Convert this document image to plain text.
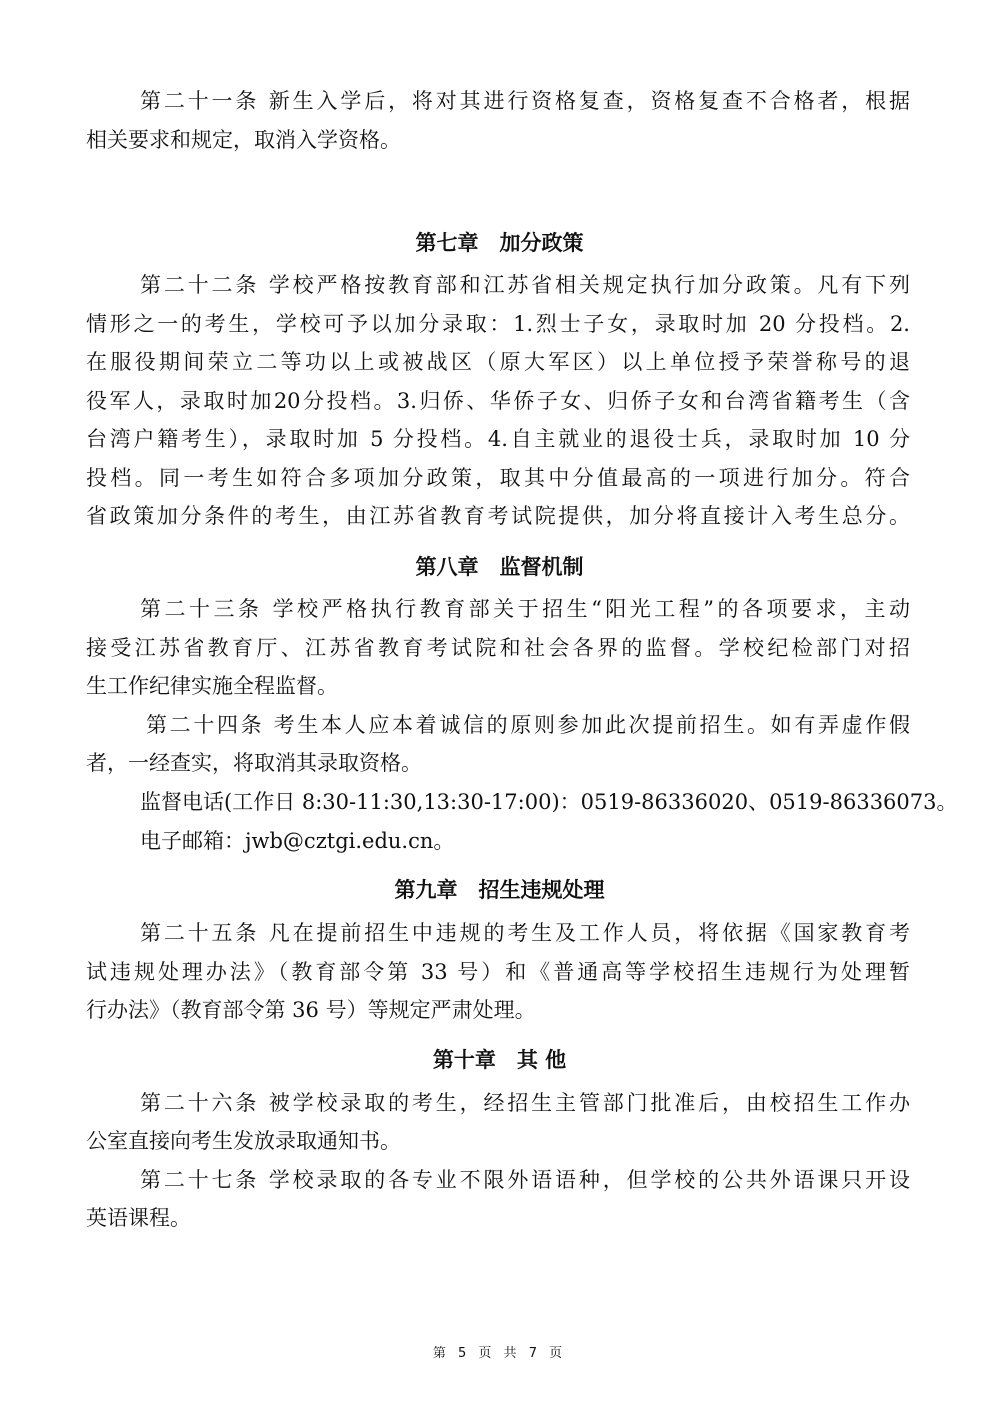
第二十一条 新生入学后，将对其进行资格复查，资格复查不合格者，根据
相关要求和规定，取消入学资格。
第七章　加分政策
第二十二条 学校严格按教育部和江苏省相关规定执行加分政策。凡有下列
情形之一的考生，学校可予以加分录取：1.烈士子女，录取时加 20 分投档。2.
在服役期间荣立二等功以上或被战区（原大军区）以上单位授予荣誉称号的退
役军人，录取时加20分投档。3.归侨、华侨子女、归侨子女和台湾省籍考生（含
台湾户籍考生），录取时加 5 分投档。4.自主就业的退役士兵，录取时加 10 分
投档。同一考生如符合多项加分政策，取其中分值最高的一项进行加分。符合
省政策加分条件的考生，由江苏省教育考试院提供，加分将直接计入考生总分。
第八章　监督机制
第二十三条 学校严格执行教育部关于招生“阳光工程”的各项要求，主动
接受江苏省教育厅、江苏省教育考试院和社会各界的监督。学校纪检部门对招
生工作纪律实施全程监督。
第二十四条 考生本人应本着诚信的原则参加此次提前招生。如有弄虚作假
者，一经查实，将取消其录取资格。
监督电话(工作日 8:30-11:30,13:30-17:00)：0519-86336020、0519-86336073。
电子邮箱：jwb@cztgi.edu.cn。
第九章　招生违规处理
第二十五条 凡在提前招生中违规的考生及工作人员，将依据《国家教育考
试违规处理办法》（教育部令第 33 号）和《普通高等学校招生违规行为处理暂
行办法》（教育部令第 36 号）等规定严肃处理。
第十章　其 他
第二十六条 被学校录取的考生，经招生主管部门批准后，由校招生工作办
公室直接向考生发放录取通知书。
第二十七条 学校录取的各专业不限外语语种，但学校的公共外语课只开设
英语课程。
第 5 页 共 7 页
